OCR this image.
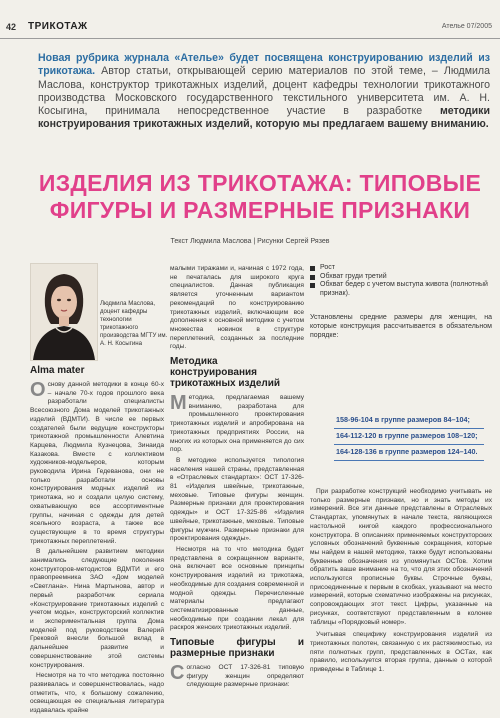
42 ТРИКОТАЖ	Ателье 07/2005
Новая рубрика журнала «Ателье» будет посвящена конструированию изделий из трикотажа. Автор статьи, открывающей серию материалов по этой теме, – Людмила Маслова, конструктор трикотажных изделий, доцент кафедры технологии трикотажного производства Московского государственного текстильного университета им. А. Н. Косыгина, принимала непосредственное участие в разработке методики конструирования трикотажных изделий, которую мы предлагаем вашему вниманию.
ИЗДЕЛИЯ ИЗ ТРИКОТАЖА: ТИПОВЫЕ ФИГУРЫ И РАЗМЕРНЫЕ ПРИЗНАКИ
Текст Людмила Маслова | Рисунки Сергей Рязев
Людмила Маслова, доцент кафедры технологии трикотажного производства МГТУ им. А. Н. Косыгина
Alma mater

Основу данной методики в конце 60-х – начале 70-х годов прошлого века разработали специалисты Всесоюзного Дома моделей трикотажных изделий (ВДМТИ). В числе ее первых создателей были ведущие конструкторы трикотажной промышленности Алевтина Карцева, Людмила Кузнецова, Зинаида Казакова. Вместе с коллективом художников-модельеров, которым руководила Ирина Гедеванова, они не только разработали основы конструирования модных изделий из трикотажа, но и создали целую систему, охватывающую все ассортиментные группы, начиная с одежды для детей ясельного возраста, а также все существующие в то время структуры трикотажных переплетений.

В дальнейшем развитием методики занимались следующие поколения конструкторов-методистов ВДМТИ и его правопреемника ЗАО «Дом моделей «Светлана». Нина Мартынова, автор и первый разработчик сериала «Конструирование трикотажных изделий с учетом моды», конструкторский коллектив и экспериментальная группа Дома моделей под руководством Валерий Грековой внесли большой вклад в дальнейшее развитие и совершенствование этой системы конструирования.

Несмотря на то что методика постоянно развивалась и совершенствовалась, надо отметить, что, к большому сожалению, освещающая ее специальная литература издавалась крайне

малыми тиражами и, начиная с 1972 года, не печаталась для широкого круга специалистов. Данная публикация является уточненным вариантом рекомендаций по конструированию трикотажных изделий, включающим все дополнения к основной методике с учетом множества новинок в структуре переплетений, созданных за последние годы.

Методика конструирования трикотажных изделий

Методика, предлагаемая вашему вниманию, разработана для промышленного проектирования трикотажных изделий и апробирована на трикотажных предприятиях России, на многих из которых она применяется до сих пор.

В методике используется типология населения нашей страны, представленная в «Отраслевых стандартах»: ОСТ 17-326-81 «Изделия швейные, трикотажные, меховые. Типовые фигуры женщин. Размерные признаки для проектирования одежды» и ОСТ 17-325-86 «Изделия швейные, трикотажные, меховые. Типовые фигуры мужчин. Размерные признаки для проектирования одежды».

Несмотря на то что методика будет представлена в сокращенном варианте, она включает все основные принципы конструирования изделий из трикотажа, необходимые для создания современной и модной одежды. Перечисленные материалы предлагают систематизированные данные, необходимые при создании лекал для раскроя женских трикотажных изделий.

Типовые фигуры и размерные признаки

Согласно ОСТ 17-326-81 типовую фигуру женщин определяют следующие размерные признаки:

Рост
Обхват груди третий
Обхват бедер с учетом выступа живота (полнотный признак).

Установлены средние размеры для женщин, на которые конструкция рассчитывается в обязательном порядке:

158-96-104 в группе размеров 84–104;
164-112-120 в группе размеров 108–120;
164-128-136 в группе размеров 124–140.

При разработке конструкций необходимо учитывать не только размерные признаки, но и знать методы их измерений. Все эти данные представлены в Отраслевых Стандартах, упомянутых в начале текста, являющихся настольной книгой каждого профессионального конструктора. В описаниях применяемых конструкторских условных обозначений буквенные сокращения, которые мы найдем в нашей методике, также будут использованы буквенные обозначения из упомянутых ОСТов. Хотим обратить ваше внимание на то, что для этих обозначений используются прописные буквы. Строчные буквы, присоединенные к первым в скобках, указывают на место измерений, которые схематично изображены на рисунках, сопровождающих этот текст. Цифры, указанные на рисунках, соответствуют представленным в колонке таблицы «Порядковый номер».

Учитывая специфику конструирования изделий из трикотажных полотен, связанную с их растяжимостью, из пяти полнотных групп, представленных в ОСТах, как правило, используется вторая группа, данные о которой приведены в Таблице 1.
